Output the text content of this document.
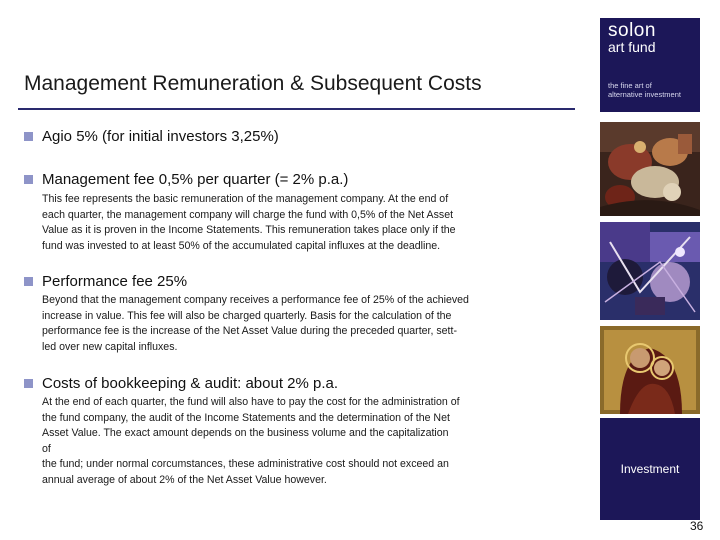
Management Remuneration & Subsequent Costs
Agio 5% (for initial investors 3,25%)
Management fee 0,5% per quarter (= 2% p.a.)
This fee represents the basic remuneration of the management company. At the end of
each quarter, the management company will charge the fund with 0,5% of the Net Asset
Value as it is proven in the Income Statements. This remuneration takes place only if the
fund was invested to at least 50% of the accumulated capital influxes at the deadline.
Performance fee 25%
Beyond that the management company receives a performance fee of 25% of the achieved
increase in value. This fee will also be charged quarterly. Basis for the calculation of the
performance fee is the increase of the Net Asset Value during the preceded quarter, sett-
led over new capital influxes.
Costs of bookkeeping & audit: about 2% p.a.
At the end of each quarter, the fund will also have to pay the cost for the administration of
the fund company, the audit of the Income Statements and the determination of the Net
Asset Value. The exact amount depends on the business volume and the capitalization
of
the fund; under normal corcumstances, these administrative cost should not exceed an
annual average of about 2% of the Net Asset Value however.
solon
art fund
the fine art of
alternative investment
Investment
36
